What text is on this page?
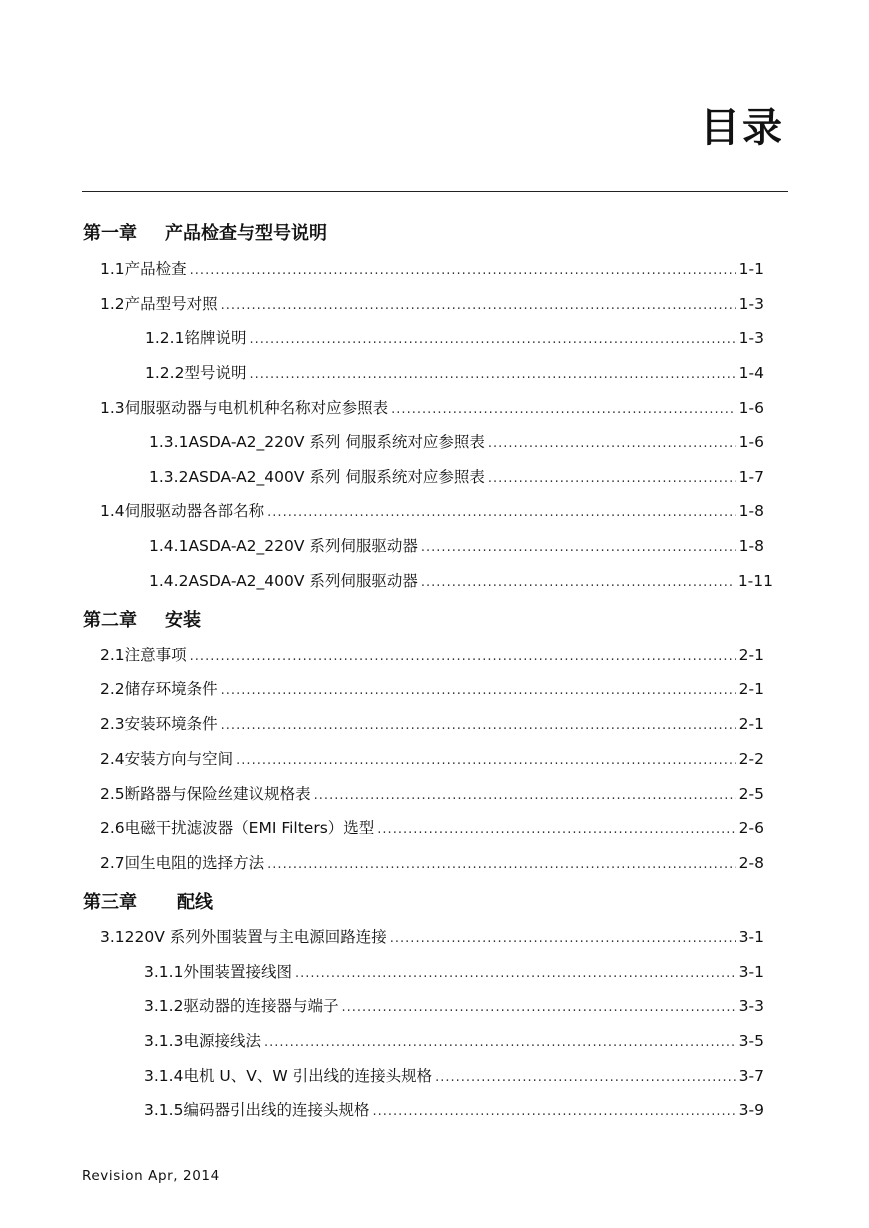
目录
第一章 产品检查与型号说明
1.1 产品检查 .....	1-1
1.2 产品型号对照 .....	1-3
1.2.1 铭牌说明 .....	1-3
1.2.2 型号说明 .....	1-4
1.3 伺服驱动器与电机机种名称对应参照表 .....	1-6
1.3.1 ASDA-A2_220V 系列 伺服系统对应参照表 .....	1-6
1.3.2 ASDA-A2_400V 系列 伺服系统对应参照表 .....	1-7
1.4 伺服驱动器各部名称 .....	1-8
1.4.1 ASDA-A2_220V 系列伺服驱动器 .....	1-8
1.4.2 ASDA-A2_400V 系列伺服驱动器 .....	1-11
第二章 安装
2.1 注意事项 .....	2-1
2.2 储存环境条件 .....	2-1
2.3 安装环境条件 .....	2-1
2.4 安装方向与空间 .....	2-2
2.5 断路器与保险丝建议规格表 .....	2-5
2.6 电磁干扰滤波器（EMI Filters）选型 .....	2-6
2.7 回生电阻的选择方法 .....	2-8
第三章 配线
3.1 220V 系列外围装置与主电源回路连接 .....	3-1
3.1.1 外围装置接线图 .....	3-1
3.1.2 驱动器的连接器与端子 .....	3-3
3.1.3 电源接线法 .....	3-5
3.1.4 电机 U、V、W 引出线的连接头规格 .....	3-7
3.1.5 编码器引出线的连接头规格 .....	3-9
Revision Apr, 2014
